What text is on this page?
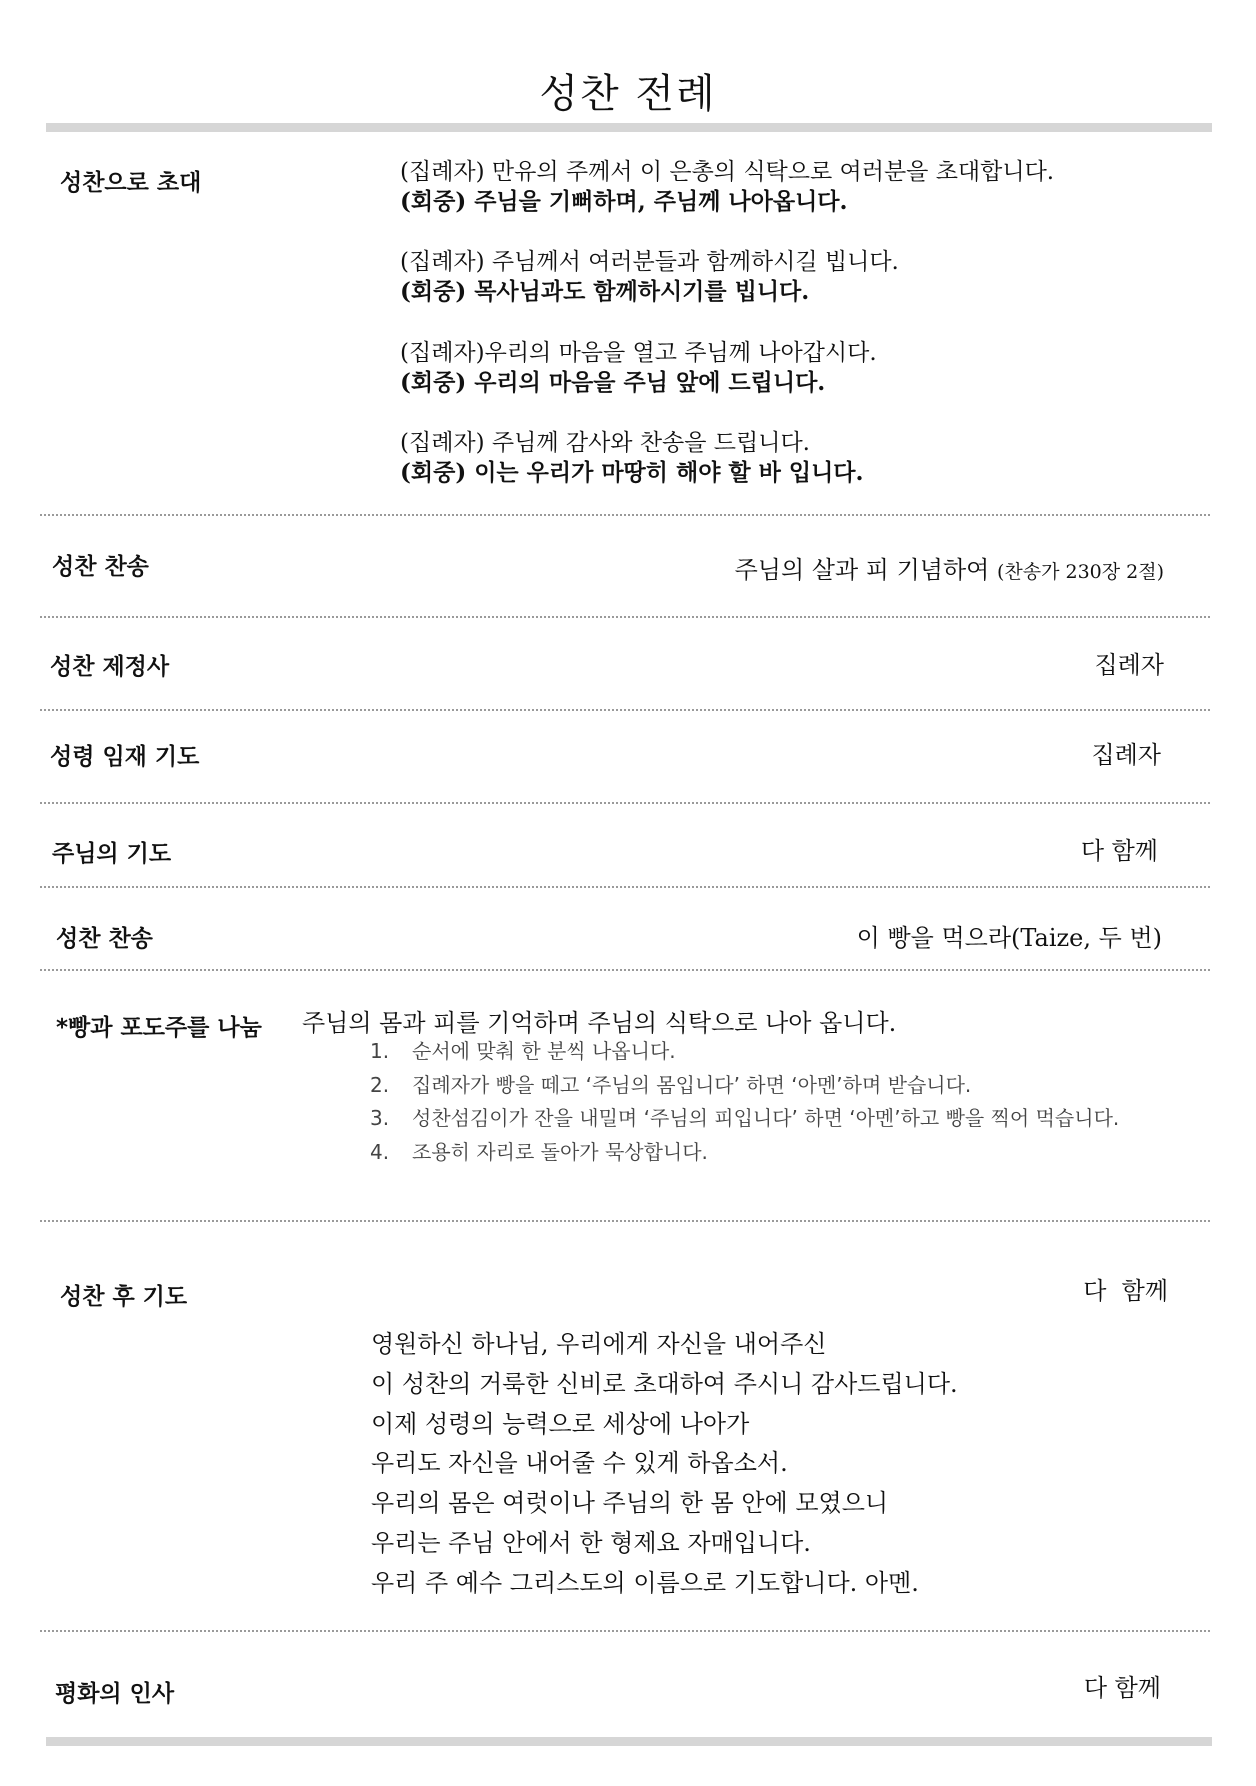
성찬 전례
성찬으로 초대	(집례자) 만유의 주께서 이 은총의 식탁으로 여러분을 초대합니다.
(회중) 주님을 기뻐하며, 주님께 나아옵니다.
(집례자) 주님께서 여러분들과 함께하시길 빕니다.
(회중) 목사님과도 함께하시기를 빕니다.
(집례자)우리의 마음을 열고 주님께 나아갑시다.
(회중) 우리의 마음을 주님 앞에 드립니다.
(집례자) 주님께 감사와 찬송을 드립니다.
(회중) 이는 우리가 마땅히 해야 할 바 입니다.
성찬 찬송	주님의 살과 피 기념하여 (찬송가 230장 2절)
성찬 제정사	집례자
성령 임재 기도	집례자
주님의 기도	다 함께
성찬 찬송	이 빵을 먹으라(Taize, 두 번)
*빵과 포도주를 나눔	주님의 몸과 피를 기억하며 주님의 식탁으로 나아 옵니다.
1. 순서에 맞춰 한 분씩 나옵니다.
2. 집례자가 빵을 떼고 ‘주님의 몸입니다’ 하면 ‘아멘’하며 받습니다.
3. 성찬섬김이가 잔을 내밀며 ‘주님의 피입니다’ 하면 ‘아멘’하고 빵을 찍어 먹습니다.
4. 조용히 자리로 돌아가 묵상합니다.
성찬 후 기도	다  함께
영원하신 하나님, 우리에게 자신을 내어주신
이 성찬의 거룩한 신비로 초대하여 주시니 감사드립니다.
이제 성령의 능력으로 세상에 나아가
우리도 자신을 내어줄 수 있게 하옵소서.
우리의 몸은 여럿이나 주님의 한 몸 안에 모였으니
우리는 주님 안에서 한 형제요 자매입니다.
우리 주 예수 그리스도의 이름으로 기도합니다. 아멘.
평화의 인사	다 함께
